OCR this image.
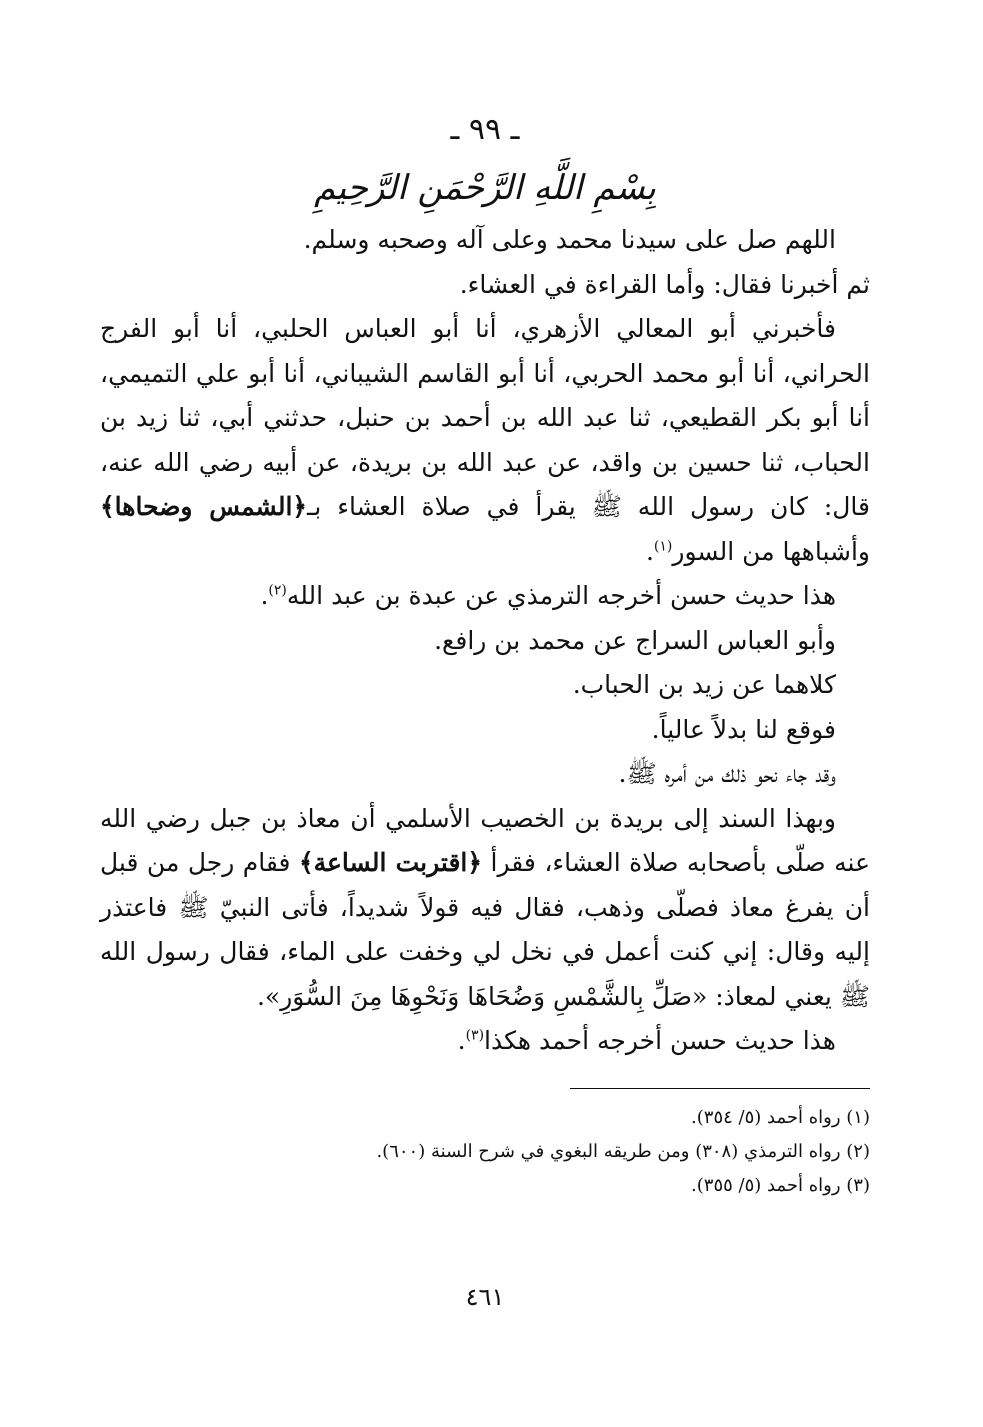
ـ ٩٩ ـ
بِسْمِ اللَّهِ الرَّحْمَنِ الرَّحِيمِ

اللهم صل على سيدنا محمد وعلى آله وصحبه وسلم.

ثم أخبرنا فقال: وأما القراءة في العشاء.

فأخبرني أبو المعالي الأزهري، أنا أبو العباس الحلبي، أنا أبو الفرج الحراني، أنا أبو محمد الحربي، أنا أبو القاسم الشيباني، أنا أبو علي التميمي، أنا أبو بكر القطيعي، ثنا عبد الله بن أحمد بن حنبل، حدثني أبي، ثنا زيد بن الحباب، ثنا حسين بن واقد، عن عبد الله بن بريدة، عن أبيه رضي الله عنه، قال: كان رسول الله ﷺ يقرأ في صلاة العشاء بـ﴿الشمس وضحاها﴾ وأشباهها من السور$^{(١)}$.

هذا حديث حسن أخرجه الترمذي عن عبدة بن عبد الله$^{(٢)}$.

وأبو العباس السراج عن محمد بن رافع.

كلاهما عن زيد بن الحباب.

فوقع لنا بدلاً عالياً.

وقد جاء نحو ذلك من أمره ﷺ.

وبهذا السند إلى بريدة بن الخصيب الأسلمي أن معاذ بن جبل رضي الله عنه صلّى بأصحابه صلاة العشاء، فقرأ ﴿اقتربت الساعة﴾ فقام رجل من قبل أن يفرغ معاذ فصلّى وذهب، فقال فيه قولاً شديداً، فأتى النبيّ ﷺ فاعتذر إليه وقال: إني كنت أعمل في نخل لي وخفت على الماء، فقال رسول الله ﷺ يعني لمعاذ: «صَلِّ بِالشَّمْسِ وَضُحَاهَا وَنَحْوِهَا مِنَ السُّوَرِ».

هذا حديث حسن أخرجه أحمد هكذا$^{(٣)}$.

(١) رواه أحمد (٥/ ٣٥٤).

(٢) رواه الترمذي (٣٠٨) ومن طريقه البغوي في شرح السنة (٦٠٠).

(٣) رواه أحمد (٥/ ٣٥٥).

٤٦١
